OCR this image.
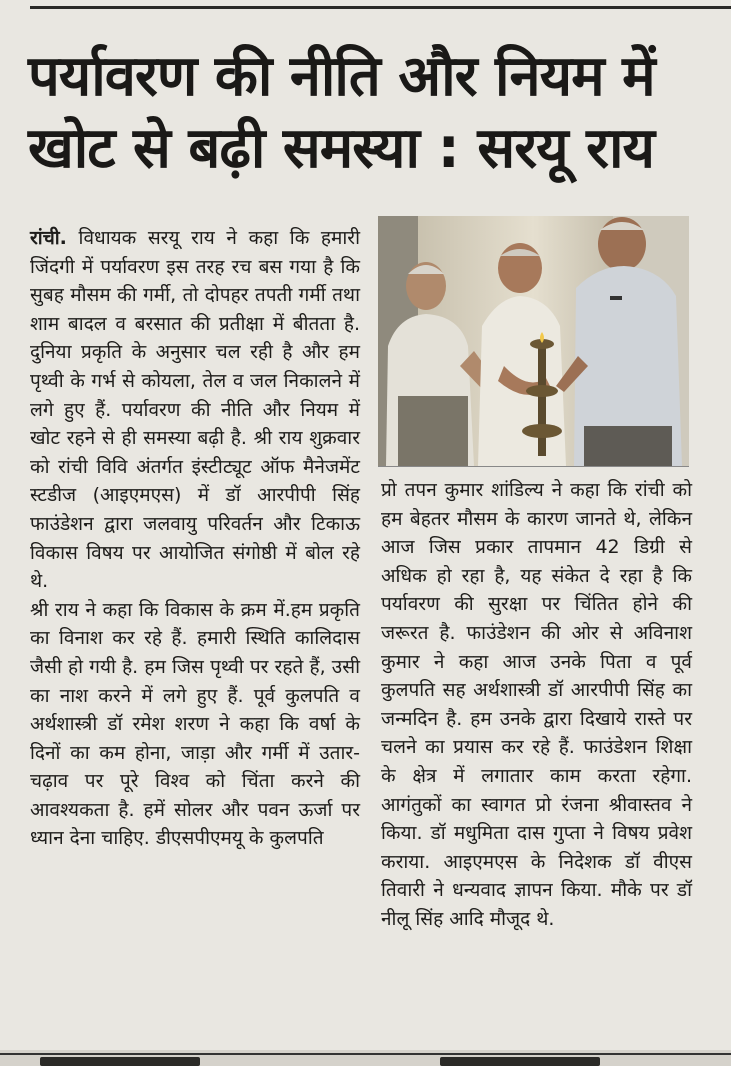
पर्यावरण की नीति और नियम में
खोट से बढ़ी समस्या : सरयू राय

रांची. विधायक सरयू राय ने कहा कि हमारी जिंदगी में पर्यावरण इस तरह रच बस गया है कि सुबह मौसम की गर्मी, तो दोपहर तपती गर्मी तथा शाम बादल व बरसात की प्रतीक्षा में बीतता है. दुनिया प्रकृति के अनुसार चल रही है और हम पृथ्वी के गर्भ से कोयला, तेल व जल निकालने में लगे हुए हैं. पर्यावरण की नीति और नियम में खोट रहने से ही समस्या बढ़ी है. श्री राय शुक्रवार को रांची विवि अंतर्गत इंस्टीट्यूट ऑफ मैनेजमेंट स्टडीज (आइएमएस) में डॉ आरपीपी सिंह फाउंडेशन द्वारा जलवायु परिवर्तन और टिकाऊ विकास विषय पर आयोजित संगोष्ठी में बोल रहे थे.

श्री राय ने कहा कि विकास के क्रम में.हम प्रकृति का विनाश कर रहे हैं. हमारी स्थिति कालिदास जैसी हो गयी है. हम जिस पृथ्वी पर रहते हैं, उसी का नाश करने में लगे हुए हैं. पूर्व कुलपति व अर्थशास्त्री डॉ रमेश शरण ने कहा कि वर्षा के दिनों का कम होना, जाड़ा और गर्मी में उतार-चढ़ाव पर पूरे विश्व को चिंता करने की आवश्यकता है. हमें सोलर और पवन ऊर्जा पर ध्यान देना चाहिए. डीएसपीएमयू के कुलपति

प्रो तपन कुमार शांडिल्य ने कहा कि रांची को हम बेहतर मौसम के कारण जानते थे, लेकिन आज जिस प्रकार तापमान 42 डिग्री से अधिक हो रहा है, यह संकेत दे रहा है कि पर्यावरण की सुरक्षा पर चिंतित होने की जरूरत है. फाउंडेशन की ओर से अविनाश कुमार ने कहा आज उनके पिता व पूर्व कुलपति सह अर्थशास्त्री डॉ आरपीपी सिंह का जन्मदिन है. हम उनके द्वारा दिखाये रास्ते पर चलने का प्रयास कर रहे हैं. फाउंडेशन शिक्षा के क्षेत्र में लगातार काम करता रहेगा. आगंतुकों का स्वागत प्रो रंजना श्रीवास्तव ने किया. डॉ मधुमिता दास गुप्ता ने विषय प्रवेश कराया. आइएमएस के निदेशक डॉ वीएस तिवारी ने धन्यवाद ज्ञापन किया. मौके पर डॉ नीलू सिंह आदि मौजूद थे.
